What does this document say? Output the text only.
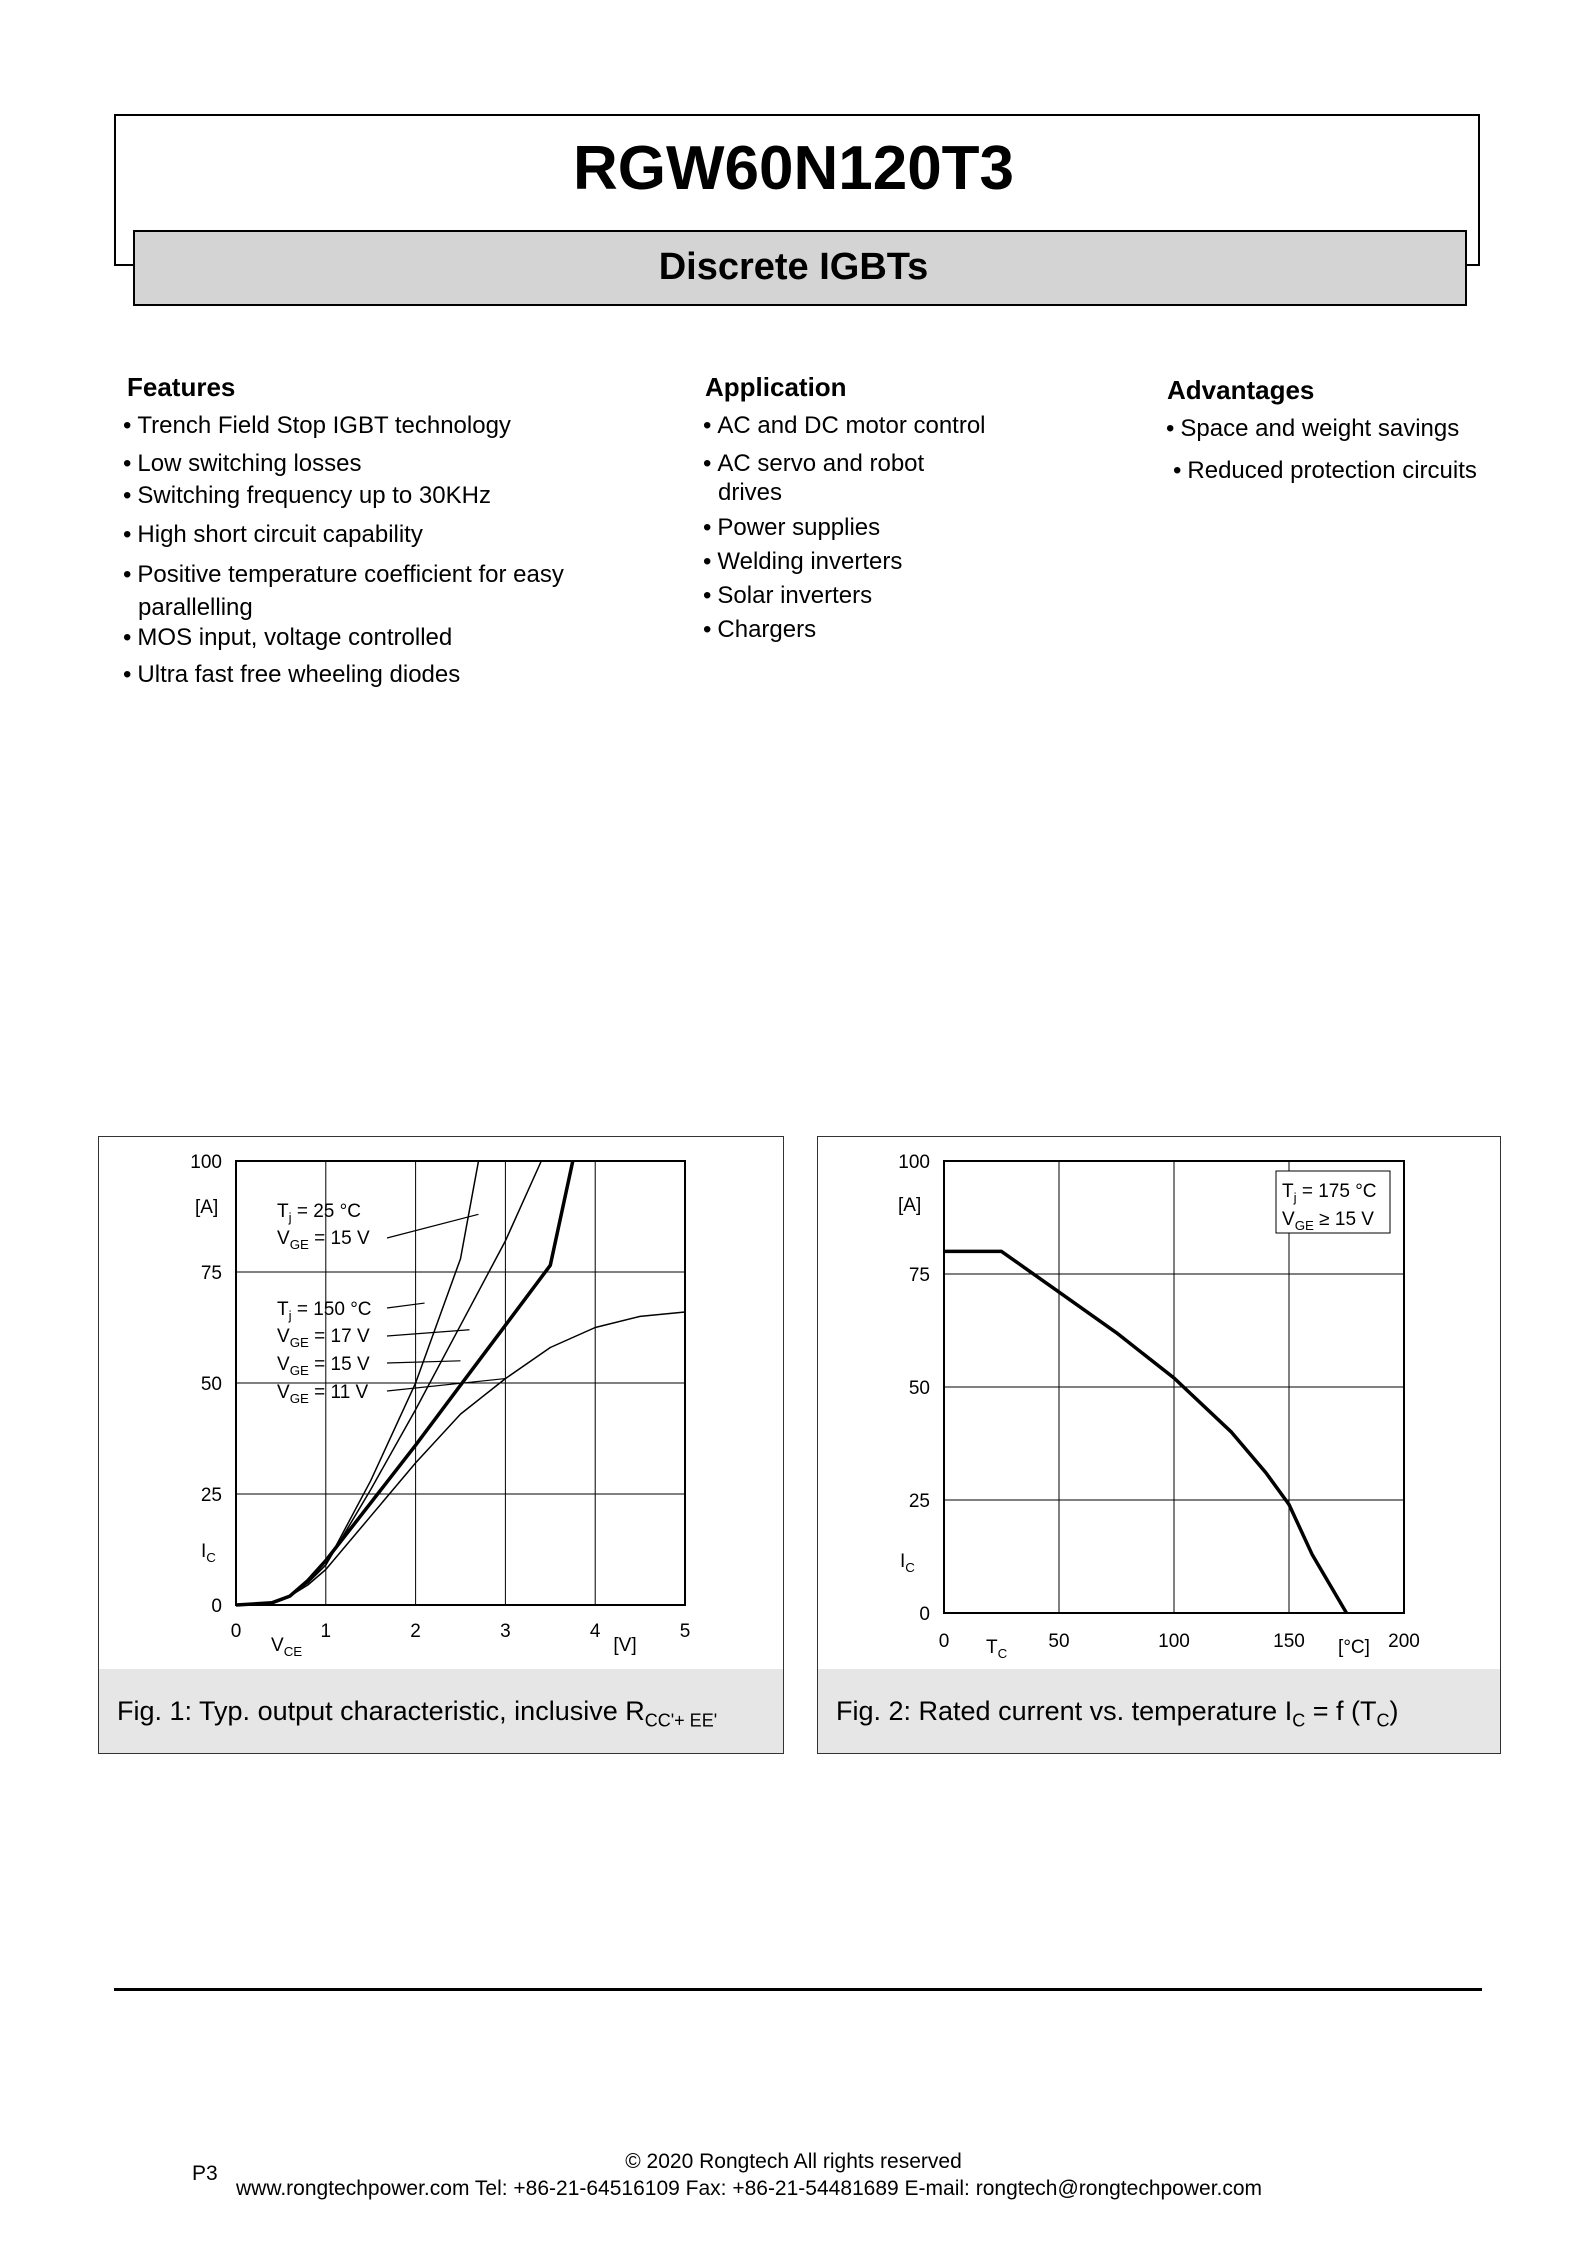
RGW60N120T3
Discrete IGBTs
Features
• Trench Field Stop IGBT technology
• Low switching losses
• Switching frequency up to 30KHz
• High short circuit capability
• Positive temperature coefficient for easy
parallelling
• MOS input, voltage controlled
• Ultra fast free wheeling diodes
Application
• AC and DC motor control
• AC servo and robot
drives
• Power supplies
• Welding inverters
• Solar inverters
• Chargers
Advantages
• Space and weight savings
• Reduced protection circuits
0	1	2	3	4	5
0
25
50
75
100
[A]
$I_C$
$V_{CE}$	[V]
$T_j = 25$ °C
$V_{GE} = 15$ V
$T_j = 150$ °C
$V_{GE} = 17$ V
$V_{GE} = 15$ V
$V_{GE} = 11$ V
Fig. 1: Typ. output characteristic, inclusive $R_{CC'+ EE'}$
0	50	100	150	200
0
25
50
75
100
[A]
$I_C$
$T_C$	[°C]
$T_j = 175$ °C
$V_{GE} \ge 15$ V
Fig. 2: Rated current vs. temperature $I_C = f$ $(T_C)$
© 2020 Rongtech All rights reserved
P3
www.rongtechpower.com Tel: +86-21-64516109 Fax: +86-21-54481689 E-mail: rongtech@rongtechpower.com
